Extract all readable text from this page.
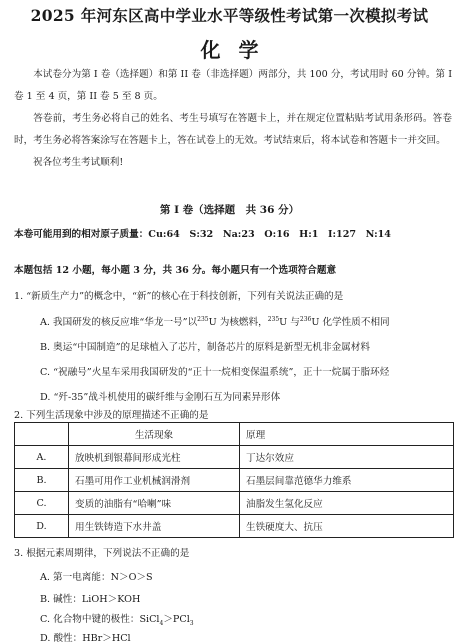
2025 年河东区高中学业水平等级性考试第一次模拟考试
化学
本试卷分为第 I 卷（选择题）和第 II 卷（非选择题）两部分，共 100 分，考试用时 60 分钟。第 I 卷 1 至 4 页，第 II 卷 5 至 8 页。
答卷前，考生务必将自己的姓名、考生号填写在答题卡上，并在规定位置粘贴考试用条形码。答卷时，考生务必将答案涂写在答题卡上，答在试卷上的无效。考试结束后，将本试卷和答题卡一并交回。
祝各位考生考试顺利!
第 I 卷（选择题　共 36 分）
本卷可能用到的相对原子质量：Cu:64　S:32　Na:23　O:16　H:1　I:127　N:14
本题包括 12 小题，每小题 3 分，共 36 分。每小题只有一个选项符合题意
1. “新质生产力”的概念中，“新”的核心在于科技创新，下列有关说法正确的是
A. 我国研发的核反应堆“华龙一号”以$^{235}$U 为核燃料，$^{235}$U 与$^{236}$U 化学性质不相同
B. 奥运“中国制造”的足球植入了芯片，制备芯片的原料是新型无机非金属材料
C. “祝融号”火星车采用我国研发的“正十一烷相变保温系统”，正十一烷属于脂环烃
D. “歼-35”战斗机使用的碳纤维与金刚石互为同素异形体
2. 下列生活现象中涉及的原理描述不正确的是
	生活现象	原理
A.	放映机到银幕间形成光柱	丁达尔效应
B.	石墨可用作工业机械润滑剂	石墨层间靠范德华力维系
C.	变质的油脂有“哈喇”味	油脂发生氢化反应
D.	用生铁铸造下水井盖	生铁硬度大、抗压
3. 根据元素周期律，下列说法不正确的是
A. 第一电离能：N＞O＞S
B. 碱性：LiOH＞KOH
C. 化合物中键的极性：SiCl$_4$＞PCl$_3$
D. 酸性：HBr＞HCl
